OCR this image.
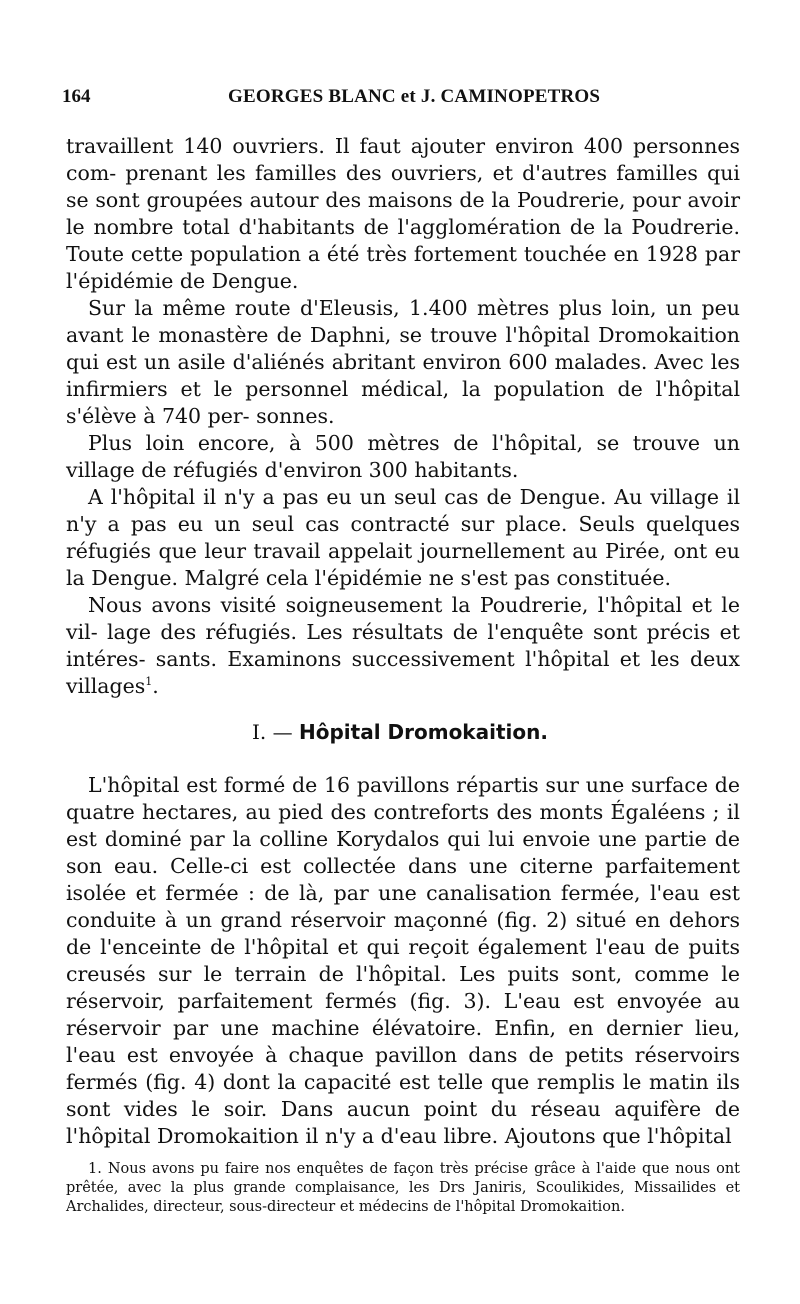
164	GEORGES BLANC et J. CAMINOPETROS

travaillent 140 ouvriers. Il faut ajouter environ 400 personnes com- prenant les familles des ouvriers, et d'autres familles qui se sont groupées autour des maisons de la Poudrerie, pour avoir le nombre total d'habitants de l'agglomération de la Poudrerie. Toute cette population a été très fortement touchée en 1928 par l'épidémie de Dengue.

Sur la même route d'Eleusis, 1.400 mètres plus loin, un peu avant le monastère de Daphni, se trouve l'hôpital Dromokaition qui est un asile d'aliénés abritant environ 600 malades. Avec les infirmiers et le personnel médical, la population de l'hôpital s'élève à 740 per- sonnes.

Plus loin encore, à 500 mètres de l'hôpital, se trouve un village de réfugiés d'environ 300 habitants.

A l'hôpital il n'y a pas eu un seul cas de Dengue. Au village il n'y a pas eu un seul cas contracté sur place. Seuls quelques réfugiés que leur travail appelait journellement au Pirée, ont eu la Dengue. Malgré cela l'épidémie ne s'est pas constituée.

Nous avons visité soigneusement la Poudrerie, l'hôpital et le vil- lage des réfugiés. Les résultats de l'enquête sont précis et intéres- sants. Examinons successivement l'hôpital et les deux villages$^1$.

I. — Hôpital Dromokaition.

L'hôpital est formé de 16 pavillons répartis sur une surface de quatre hectares, au pied des contreforts des monts Égaléens ; il est dominé par la colline Korydalos qui lui envoie une partie de son eau. Celle-ci est collectée dans une citerne parfaitement isolée et fermée : de là, par une canalisation fermée, l'eau est conduite à un grand réservoir maçonné (fig. 2) situé en dehors de l'enceinte de l'hôpital et qui reçoit également l'eau de puits creusés sur le terrain de l'hôpital. Les puits sont, comme le réservoir, parfaitement fermés (fig. 3). L'eau est envoyée au réservoir par une machine élévatoire. Enfin, en dernier lieu, l'eau est envoyée à chaque pavillon dans de petits réservoirs fermés (fig. 4) dont la capacité est telle que remplis le matin ils sont vides le soir. Dans aucun point du réseau aquifère de l'hôpital Dromokaition il n'y a d'eau libre. Ajoutons que l'hôpital

1. Nous avons pu faire nos enquêtes de façon très précise grâce à l'aide que nous ont prêtée, avec la plus grande complaisance, les Drs Janiris, Scoulikides, Missailides et Archalides, directeur, sous-directeur et médecins de l'hôpital Dromokaition.
